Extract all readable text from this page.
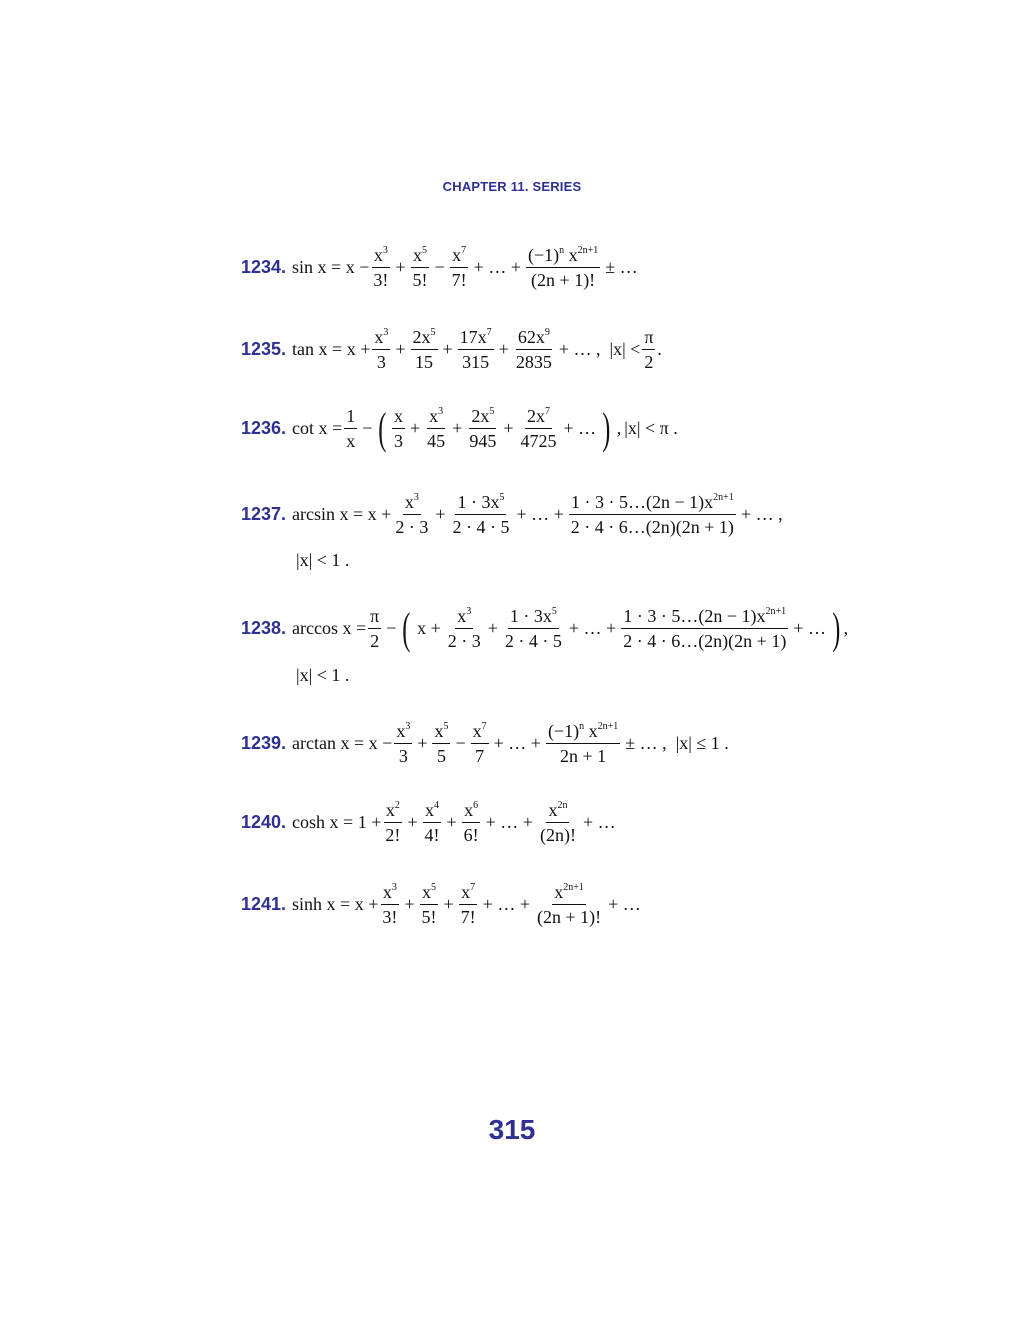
CHAPTER 11. SERIES
1234. $\sin x = x - \frac{x^3}{3!} + \frac{x^5}{5!} - \frac{x^7}{7!}$ + … + $\frac{(-1)^n x^{2n+1}}{(2n + 1)!}$ ± …
1235. $\tan x = x + \frac{x^3}{3} + \frac{2x^5}{15} + \frac{17x^7}{315} + \frac{62x^9}{2835}$ + … , $|x| < \frac{\pi}{2}$ .
1236. $\cot x = \frac{1}{x}$ − ( $\frac{x}{3} + \frac{x^3}{45} + \frac{2x^5}{945} + \frac{2x^7}{4725}$ + … ) , |x| < π .
1237. $\arcsin x = x + \frac{x^3}{2 \cdot 3} + \frac{1 \cdot 3x^5}{2 \cdot 4 \cdot 5}$ + … + $\frac{1 \cdot 3 \cdot 5\dots(2n - 1)x^{2n+1}}{2 \cdot 4 \cdot 6\dots(2n)(2n + 1)}$ + … ,
|x| < 1 .
1238. $\arccos x = \frac{\pi}{2}$ − ( $x + \frac{x^3}{2 \cdot 3} + \frac{1 \cdot 3x^5}{2 \cdot 4 \cdot 5}$ + … + $\frac{1 \cdot 3 \cdot 5\dots(2n - 1)x^{2n+1}}{2 \cdot 4 \cdot 6\dots(2n)(2n + 1)}$ + … ) ,
|x| < 1 .
1239. $\arctan x = x - \frac{x^3}{3} + \frac{x^5}{5} - \frac{x^7}{7}$ + … + $\frac{(-1)^n x^{2n+1}}{2n + 1}$ ± … , |x| ≤ 1 .
1240. $\cosh x = 1 + \frac{x^2}{2!} + \frac{x^4}{4!} + \frac{x^6}{6!}$ + … + $\frac{x^{2n}}{(2n)!}$ + …
1241. $\sinh x = x + \frac{x^3}{3!} + \frac{x^5}{5!} + \frac{x^7}{7!}$ + … + $\frac{x^{2n+1}}{(2n + 1)!}$ + …
315
